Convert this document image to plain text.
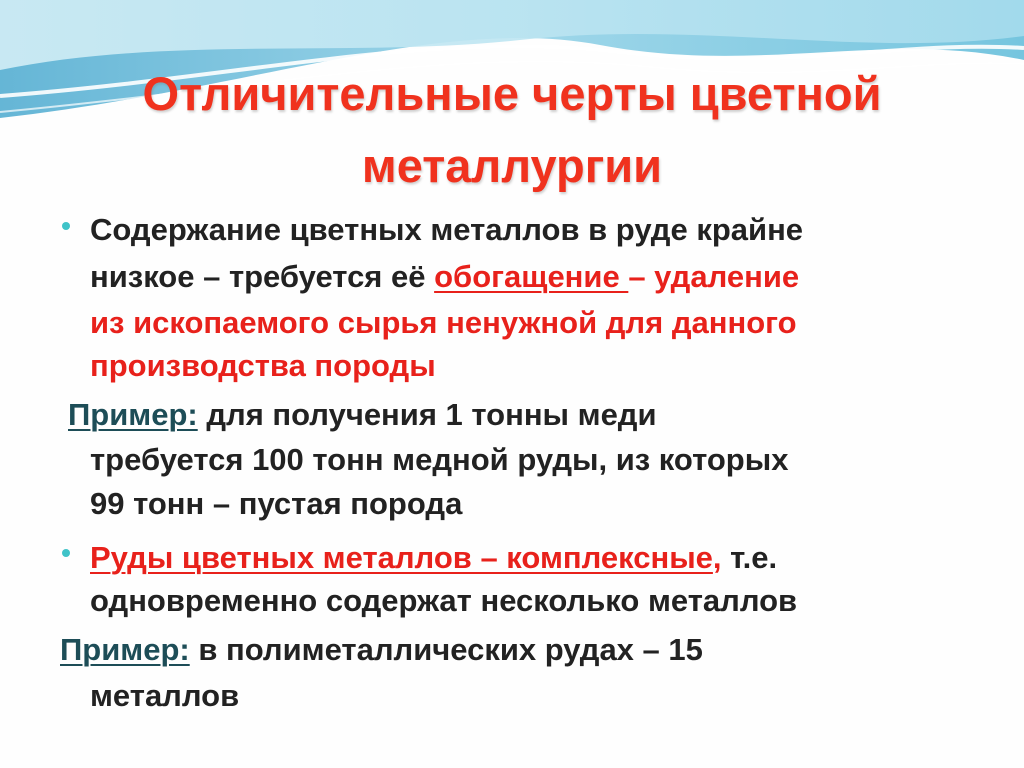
Отличительные черты цветной
металлургии
Содержание цветных металлов в руде крайне
низкое – требуется её обогащение – удаление
из ископаемого сырья ненужной для данного
производства породы
Пример: для получения 1 тонны меди
требуется 100 тонн медной руды, из которых
99 тонн – пустая порода
Руды цветных металлов – комплексные, т.е.
одновременно содержат несколько металлов
Пример: в полиметаллических рудах – 15
металлов
